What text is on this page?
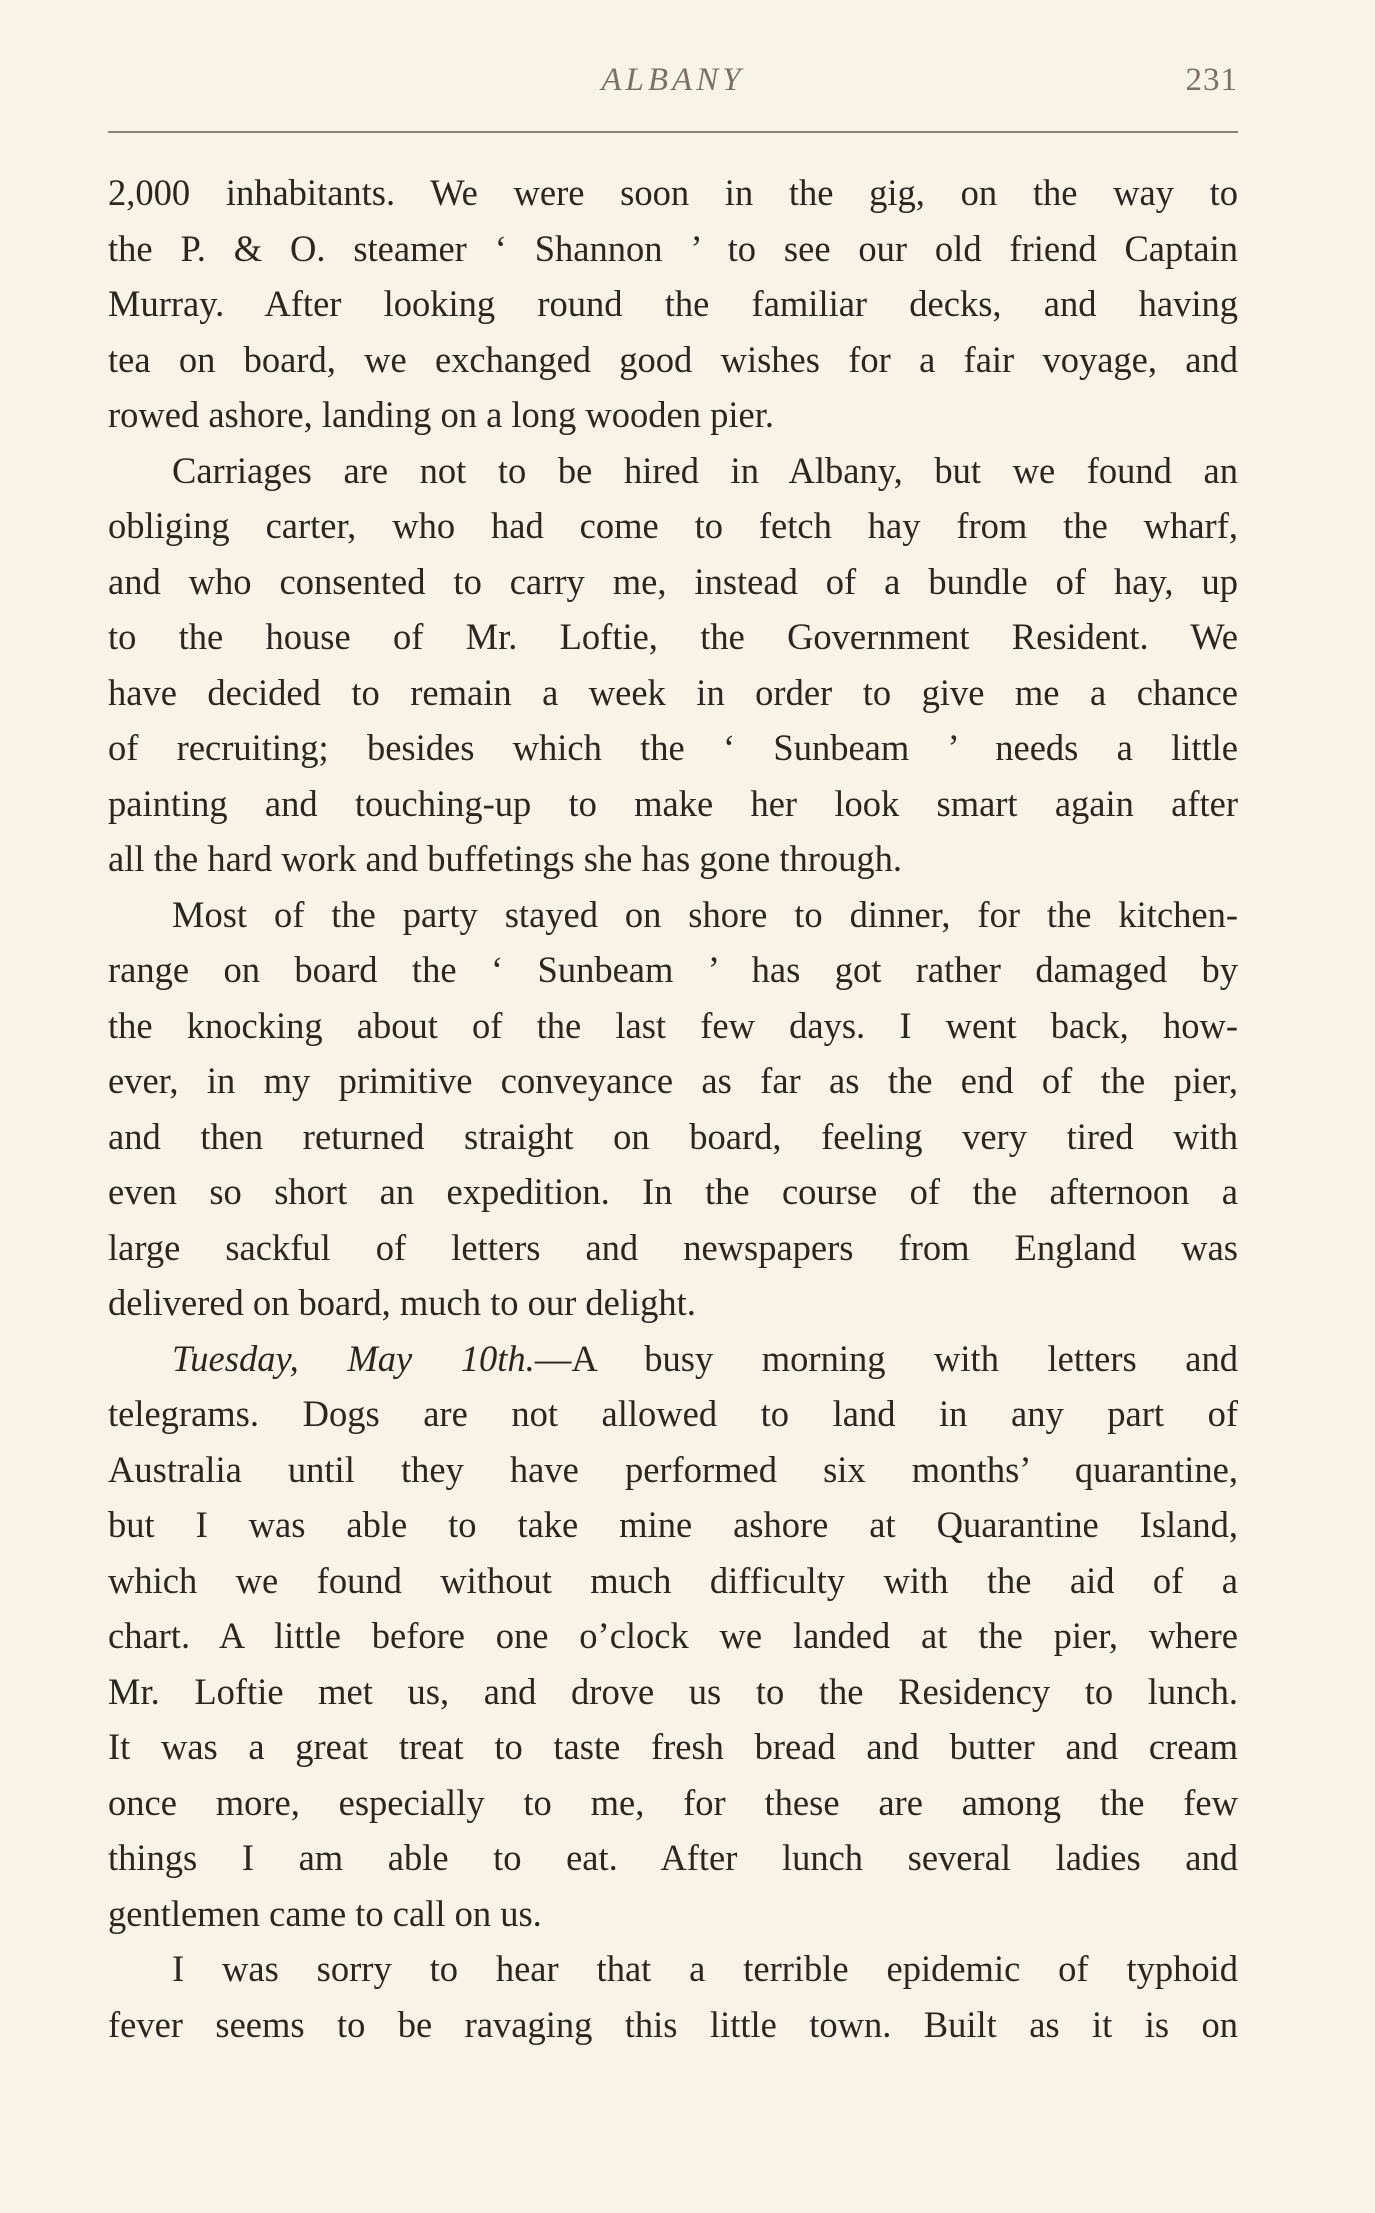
ALBANY	231
2,000 inhabitants. We were soon in the gig, on the way to
the P. & O. steamer ‘ Shannon ’ to see our old friend Captain
Murray. After looking round the familiar decks, and having
tea on board, we exchanged good wishes for a fair voyage, and
rowed ashore, landing on a long wooden pier.
Carriages are not to be hired in Albany, but we found an
obliging carter, who had come to fetch hay from the wharf,
and who consented to carry me, instead of a bundle of hay, up
to the house of Mr. Loftie, the Government Resident. We
have decided to remain a week in order to give me a chance
of recruiting; besides which the ‘ Sunbeam ’ needs a little
painting and touching-up to make her look smart again after
all the hard work and buffetings she has gone through.
Most of the party stayed on shore to dinner, for the kitchen-
range on board the ‘ Sunbeam ’ has got rather damaged by
the knocking about of the last few days. I went back, how-
ever, in my primitive conveyance as far as the end of the pier,
and then returned straight on board, feeling very tired with
even so short an expedition. In the course of the afternoon a
large sackful of letters and newspapers from England was
delivered on board, much to our delight.
Tuesday, May 10th.—A busy morning with letters and
telegrams. Dogs are not allowed to land in any part of
Australia until they have performed six months’ quarantine,
but I was able to take mine ashore at Quarantine Island,
which we found without much difficulty with the aid of a
chart. A little before one o’clock we landed at the pier, where
Mr. Loftie met us, and drove us to the Residency to lunch.
It was a great treat to taste fresh bread and butter and cream
once more, especially to me, for these are among the few
things I am able to eat. After lunch several ladies and
gentlemen came to call on us.
I was sorry to hear that a terrible epidemic of typhoid
fever seems to be ravaging this little town. Built as it is on
